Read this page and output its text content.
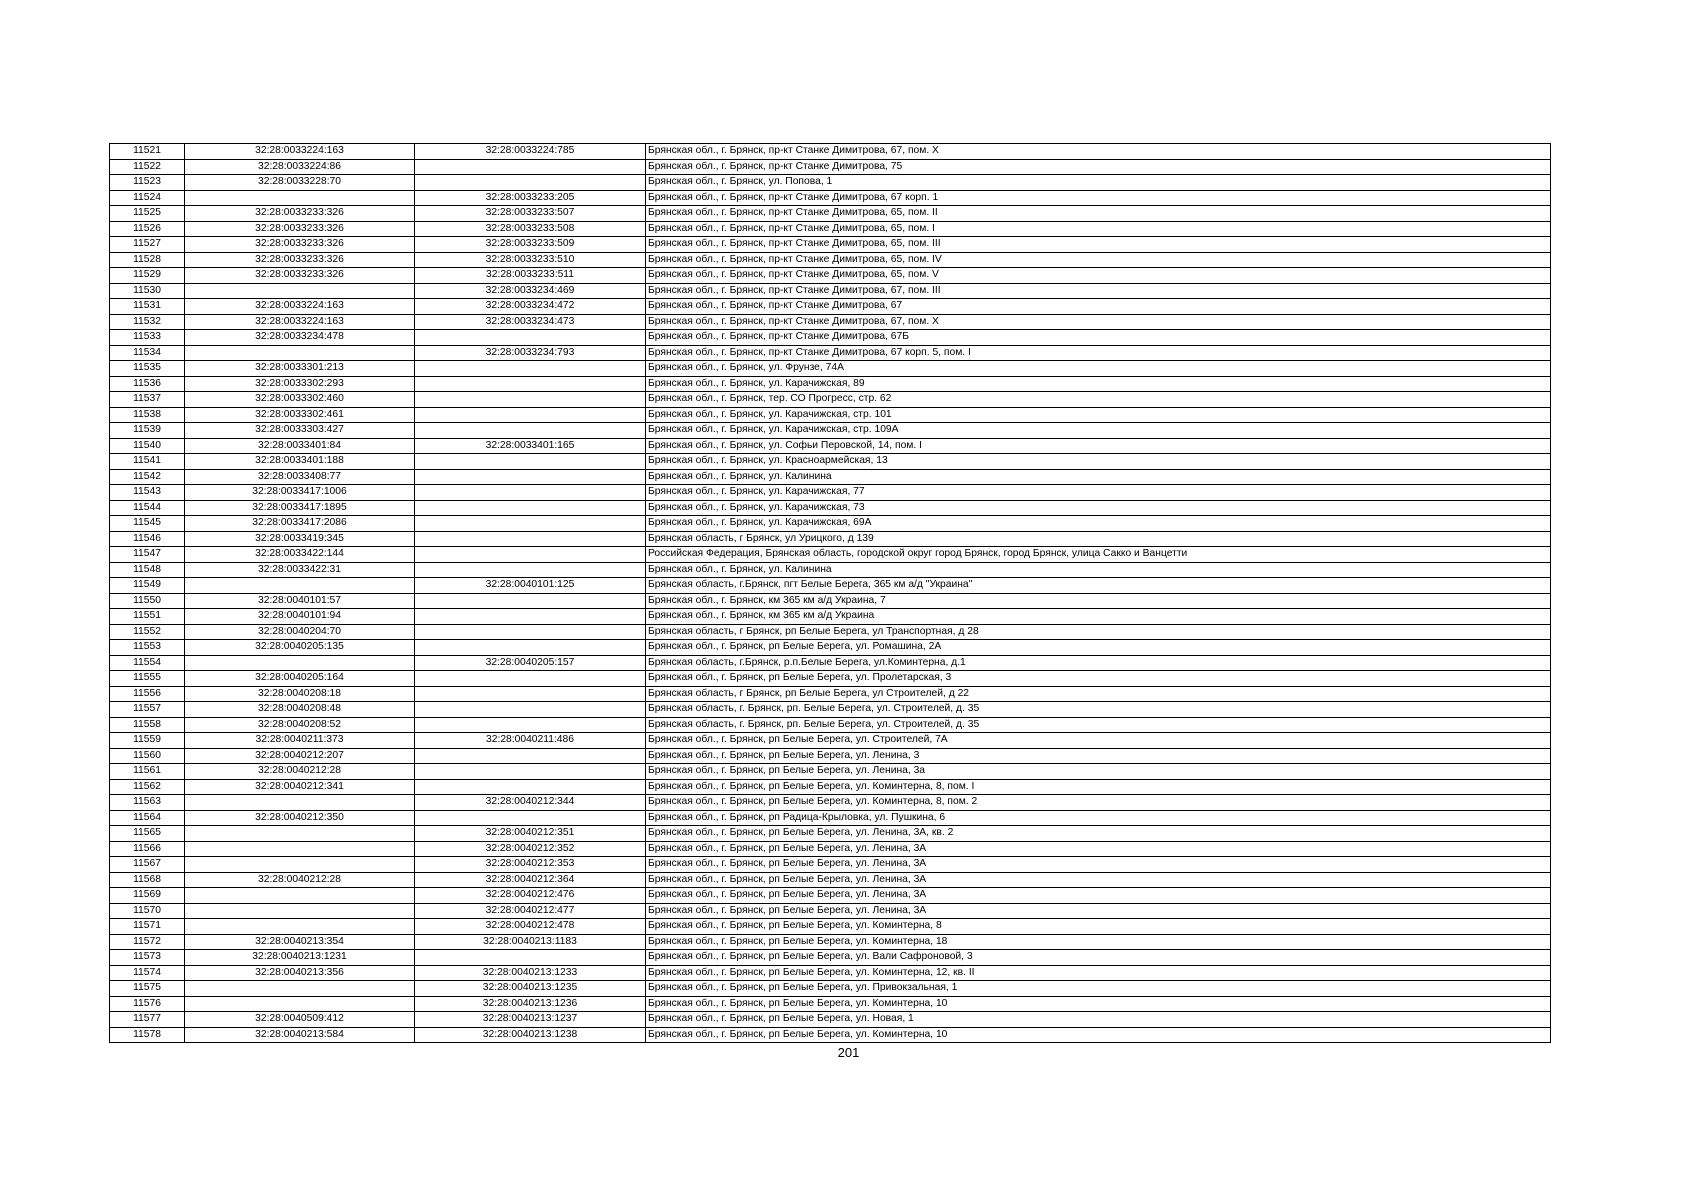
11521	32:28:0033224:163	32:28:0033224:785	Брянская обл., г. Брянск, пр-кт Станке Димитрова, 67, пом. X
11522	32:28:0033224:86		Брянская обл., г. Брянск, пр-кт Станке Димитрова, 75
11523	32:28:0033228:70		Брянская обл., г. Брянск, ул. Попова, 1
11524		32:28:0033233:205	Брянская обл., г. Брянск, пр-кт Станке Димитрова, 67 корп. 1
11525	32:28:0033233:326	32:28:0033233:507	Брянская обл., г. Брянск, пр-кт Станке Димитрова, 65, пом. II
11526	32:28:0033233:326	32:28:0033233:508	Брянская обл., г. Брянск, пр-кт Станке Димитрова, 65, пом. I
11527	32:28:0033233:326	32:28:0033233:509	Брянская обл., г. Брянск, пр-кт Станке Димитрова, 65, пом. III
11528	32:28:0033233:326	32:28:0033233:510	Брянская обл., г. Брянск, пр-кт Станке Димитрова, 65, пом. IV
11529	32:28:0033233:326	32:28:0033233:511	Брянская обл., г. Брянск, пр-кт Станке Димитрова, 65, пом. V
11530		32:28:0033234:469	Брянская обл., г. Брянск, пр-кт Станке Димитрова, 67, пом. III
11531	32:28:0033224:163	32:28:0033234:472	Брянская обл., г. Брянск, пр-кт Станке Димитрова, 67
11532	32:28:0033224:163	32:28:0033234:473	Брянская обл., г. Брянск, пр-кт Станке Димитрова, 67, пом. X
11533	32:28:0033234:478		Брянская обл., г. Брянск, пр-кт Станке Димитрова, 67Б
11534		32:28:0033234:793	Брянская обл., г. Брянск, пр-кт Станке Димитрова, 67 корп. 5, пом. I
11535	32:28:0033301:213		Брянская обл., г. Брянск, ул. Фрунзе, 74А
11536	32:28:0033302:293		Брянская обл., г. Брянск, ул. Карачижская, 89
11537	32:28:0033302:460		Брянская обл., г. Брянск, тер. СО Прогресс, стр. 62
11538	32:28:0033302:461		Брянская обл., г. Брянск, ул. Карачижская, стр. 101
11539	32:28:0033303:427		Брянская обл., г. Брянск, ул. Карачижская, стр. 109А
11540	32:28:0033401:84	32:28:0033401:165	Брянская обл., г. Брянск, ул. Софьи Перовской, 14, пом. I
11541	32:28:0033401:188		Брянская обл., г. Брянск, ул. Красноармейская, 13
11542	32:28:0033408:77		Брянская обл., г. Брянск, ул. Калинина
11543	32:28:0033417:1006		Брянская обл., г. Брянск, ул. Карачижская, 77
11544	32:28:0033417:1895		Брянская обл., г. Брянск, ул. Карачижская, 73
11545	32:28:0033417:2086		Брянская обл., г. Брянск, ул. Карачижская, 69А
11546	32:28:0033419:345		Брянская область, г Брянск, ул Урицкого, д 139
11547	32:28:0033422:144		Российская Федерация, Брянская область, городской округ город Брянск, город Брянск, улица Сакко и Ванцетти
11548	32:28:0033422:31		Брянская обл., г. Брянск, ул. Калинина
11549		32:28:0040101:125	Брянская область, г.Брянск, пгт Белые Берега, 365 км а/д "Украина"
11550	32:28:0040101:57		Брянская обл., г. Брянск, км 365 км а/д Украина, 7
11551	32:28:0040101:94		Брянская обл., г. Брянск, км 365 км а/д Украина
11552	32:28:0040204:70		Брянская область, г Брянск, рп Белые Берега, ул Транспортная, д 28
11553	32:28:0040205:135		Брянская обл., г. Брянск, рп Белые Берега, ул. Ромашина, 2А
11554		32:28:0040205:157	Брянская область, г.Брянск, р.п.Белые Берега, ул.Коминтерна, д.1
11555	32:28:0040205:164		Брянская обл., г. Брянск, рп Белые Берега, ул. Пролетарская, 3
11556	32:28:0040208:18		Брянская область, г Брянск, рп Белые Берега, ул Строителей, д 22
11557	32:28:0040208:48		Брянская область, г. Брянск, рп. Белые Берега, ул. Строителей, д. 35
11558	32:28:0040208:52		Брянская область, г. Брянск, рп. Белые Берега, ул. Строителей, д. 35
11559	32:28:0040211:373	32:28:0040211:486	Брянская обл., г. Брянск, рп Белые Берега, ул. Строителей, 7А
11560	32:28:0040212:207		Брянская обл., г. Брянск, рп Белые Берега, ул. Ленина, 3
11561	32:28:0040212:28		Брянская обл., г. Брянск, рп Белые Берега, ул. Ленина, 3а
11562	32:28:0040212:341		Брянская обл., г. Брянск, рп Белые Берега, ул. Коминтерна, 8, пом. I
11563		32:28:0040212:344	Брянская обл., г. Брянск, рп Белые Берега, ул. Коминтерна, 8, пом. 2
11564	32:28:0040212:350		Брянская обл., г. Брянск, рп Радица-Крыловка, ул. Пушкина, 6
11565		32:28:0040212:351	Брянская обл., г. Брянск, рп Белые Берега, ул. Ленина, 3А, кв. 2
11566		32:28:0040212:352	Брянская обл., г. Брянск, рп Белые Берега, ул. Ленина, 3А
11567		32:28:0040212:353	Брянская обл., г. Брянск, рп Белые Берега, ул. Ленина, 3А
11568	32:28:0040212:28	32:28:0040212:364	Брянская обл., г. Брянск, рп Белые Берега, ул. Ленина, 3А
11569		32:28:0040212:476	Брянская обл., г. Брянск, рп Белые Берега, ул. Ленина, 3А
11570		32:28:0040212:477	Брянская обл., г. Брянск, рп Белые Берега, ул. Ленина, 3А
11571		32:28:0040212:478	Брянская обл., г. Брянск, рп Белые Берега, ул. Коминтерна, 8
11572	32:28:0040213:354	32:28:0040213:1183	Брянская обл., г. Брянск, рп Белые Берега, ул. Коминтерна, 18
11573	32:28:0040213:1231		Брянская обл., г. Брянск, рп Белые Берега, ул. Вали Сафроновой, 3
11574	32:28:0040213:356	32:28:0040213:1233	Брянская обл., г. Брянск, рп Белые Берега, ул. Коминтерна, 12, кв. II
11575		32:28:0040213:1235	Брянская обл., г. Брянск, рп Белые Берега, ул. Привокзальная, 1
11576		32:28:0040213:1236	Брянская обл., г. Брянск, рп Белые Берега, ул. Коминтерна, 10
11577	32:28:0040509:412	32:28:0040213:1237	Брянская обл., г. Брянск, рп Белые Берега, ул. Новая, 1
11578	32:28:0040213:584	32:28:0040213:1238	Брянская обл., г. Брянск, рп Белые Берега, ул. Коминтерна, 10
201
